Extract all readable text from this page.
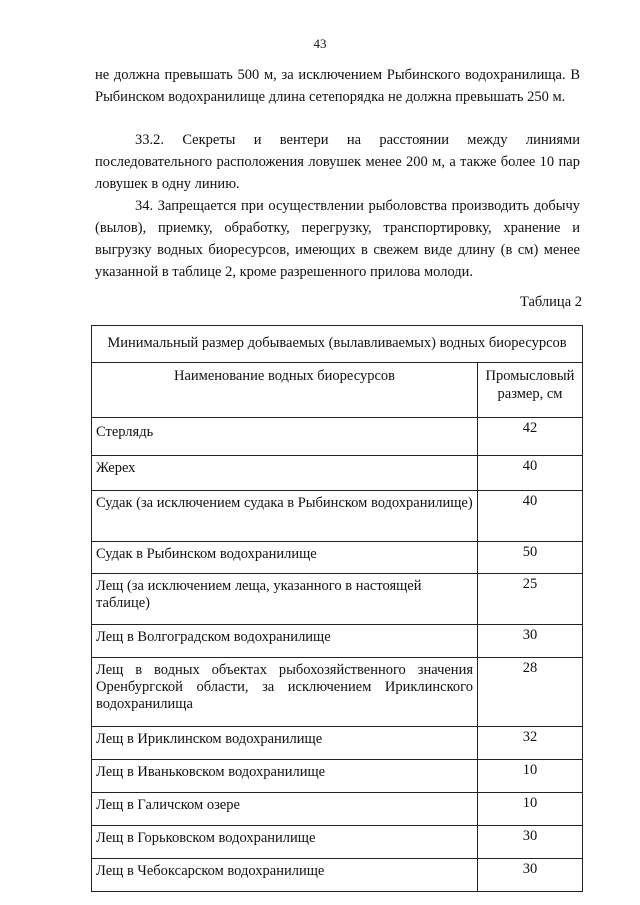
43

не должна превышать 500 м, за исключением Рыбинского водохранилища. В Рыбинском водохранилище длина сетепорядка не должна превышать 250 м.

33.2. Секреты и вентери на расстоянии между линиями последовательного расположения ловушек менее 200 м, а также более 10 пар ловушек в одну линию.

34. Запрещается при осуществлении рыболовства производить добычу (вылов), приемку, обработку, перегрузку, транспортировку, хранение и выгрузку водных биоресурсов, имеющих в свежем виде длину (в см) менее указанной в таблице 2, кроме разрешенного прилова молоди.

Таблица 2
Минимальный размер добываемых (вылавливаемых) водных биоресурсов	
Наименование водных биоресурсов	Промысловый размер, см
Стерлядь	42
Жерех	40
Судак (за исключением судака в Рыбинском водохранилище)	40
Судак в Рыбинском водохранилище	50
Лещ (за исключением леща, указанного в настоящей таблице)	25
Лещ в Волгоградском водохранилище	30
Лещ в водных объектах рыбохозяйственного значения Оренбургской области, за исключением Ириклинского водохранилища	28
Лещ в Ириклинском водохранилище	32
Лещ в Иваньковском водохранилище	10
Лещ в Галичском озере	10
Лещ в Горьковском водохранилище	30
Лещ в Чебоксарском водохранилище	30
